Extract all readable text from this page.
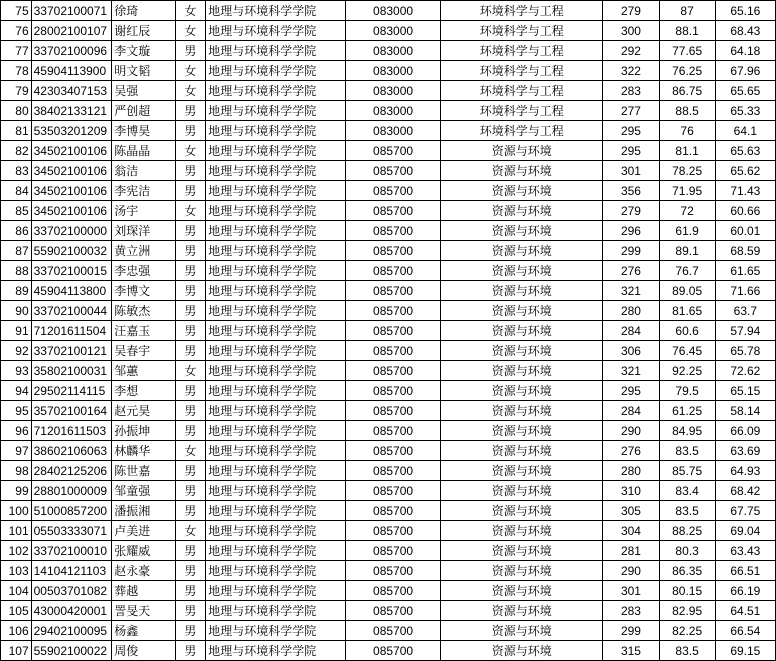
75	33702100071	徐琦	女	地理与环境科学学院	083000	环境科学与工程	279	87	65.16
76	28002100107	谢红辰	女	地理与环境科学学院	083000	环境科学与工程	300	88.1	68.43
77	33702100096	李文璇	男	地理与环境科学学院	083000	环境科学与工程	292	77.65	64.18
78	45904113900	明文韬	女	地理与环境科学学院	083000	环境科学与工程	322	76.25	67.96
79	42303407153	吴强	女	地理与环境科学学院	083000	环境科学与工程	283	86.75	65.65
80	38402133121	严创超	男	地理与环境科学学院	083000	环境科学与工程	277	88.5	65.33
81	53503201209	李博昊	男	地理与环境科学学院	083000	环境科学与工程	295	76	64.1
82	34502100106	陈晶晶	女	地理与环境科学学院	085700	资源与环境	295	81.1	65.63
83	34502100106	翁洁	男	地理与环境科学学院	085700	资源与环境	301	78.25	65.62
84	34502100106	李宪洁	男	地理与环境科学学院	085700	资源与环境	356	71.95	71.43
85	34502100106	汤宇	女	地理与环境科学学院	085700	资源与环境	279	72	60.66
86	33702100000	刘琛洋	男	地理与环境科学学院	085700	资源与环境	296	61.9	60.01
87	55902100032	黄立洲	男	地理与环境科学学院	085700	资源与环境	299	89.1	68.59
88	33702100015	李忠强	男	地理与环境科学学院	085700	资源与环境	276	76.7	61.65
89	45904113800	李博文	男	地理与环境科学学院	085700	资源与环境	321	89.05	71.66
90	33702100044	陈敏杰	男	地理与环境科学学院	085700	资源与环境	280	81.65	63.7
91	71201611504	汪嘉玉	男	地理与环境科学学院	085700	资源与环境	284	60.6	57.94
92	33702100121	吴春宇	男	地理与环境科学学院	085700	资源与环境	306	76.45	65.78
93	35802100031	邹蕙	女	地理与环境科学学院	085700	资源与环境	321	92.25	72.62
94	29502114115	李想	男	地理与环境科学学院	085700	资源与环境	295	79.5	65.15
95	35702100164	赵元昊	男	地理与环境科学学院	085700	资源与环境	284	61.25	58.14
96	71201611503	孙振坤	男	地理与环境科学学院	085700	资源与环境	290	84.95	66.09
97	38602106063	林麟华	女	地理与环境科学学院	085700	资源与环境	276	83.5	63.69
98	28402125206	陈世嘉	男	地理与环境科学学院	085700	资源与环境	280	85.75	64.93
99	28801000009	邹童强	男	地理与环境科学学院	085700	资源与环境	310	83.4	68.42
100	51000857200	潘振湘	男	地理与环境科学学院	085700	资源与环境	305	83.5	67.75
101	05503333071	卢美进	女	地理与环境科学学院	085700	资源与环境	304	88.25	69.04
102	33702100010	张耀威	男	地理与环境科学学院	085700	资源与环境	281	80.3	63.43
103	14104121103	赵永豪	男	地理与环境科学学院	085700	资源与环境	290	86.35	66.51
104	00503701082	葬越	男	地理与环境科学学院	085700	资源与环境	301	80.15	66.19
105	43000420001	詈旻天	男	地理与环境科学学院	085700	资源与环境	283	82.95	64.51
106	29402100095	杨鑫	男	地理与环境科学学院	085700	资源与环境	299	82.25	66.54
107	55902100022	周俊	男	地理与环境科学学院	085700	资源与环境	315	83.5	69.15
